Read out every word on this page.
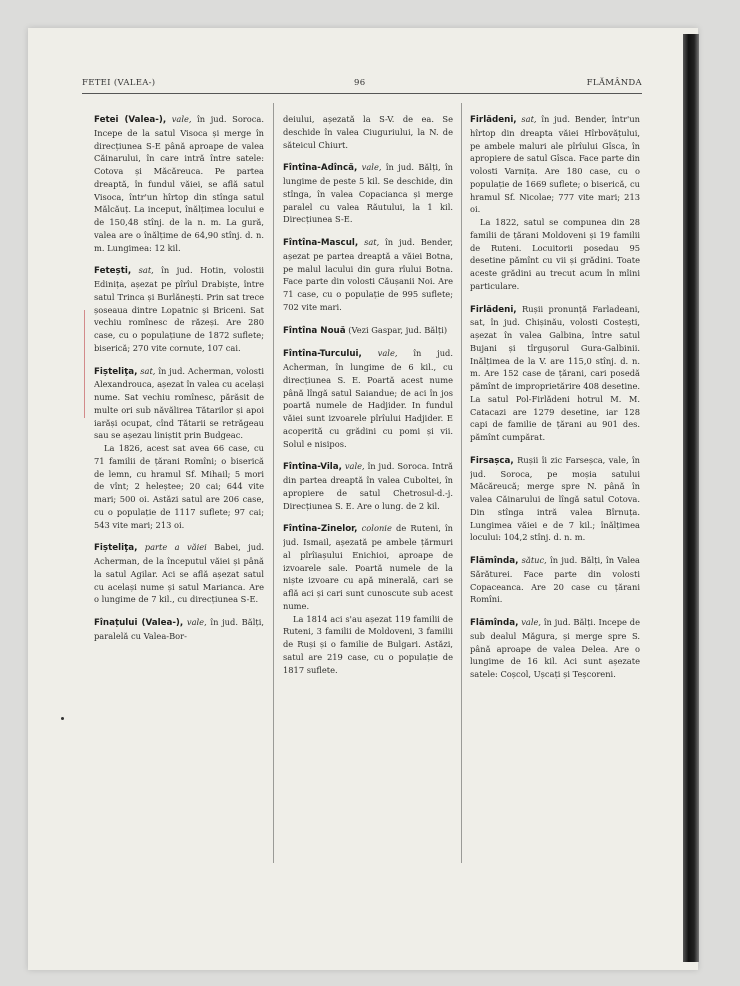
FETEI (VALEA-)	96	FLĂMÂNDA

Fetei (Valea-), vale, în jud. Soroca. Incepe de la satul Visoca și merge în direcțiunea S-E până aproape de valea Căinarului, în care intră între satele: Cotova și Măcăreuca. Pe partea dreaptă, în fundul văiei, se află satul Visoca, într'un hîrtop din stînga satul Mălcăuț. La inceput, înălțimea locului e de 150,48 stînj. de la n. m. La gură, valea are o înălțime de 64,90 stînj. d. n. m. Lungimea: 12 kil.

Fetești, sat, în jud. Hotin, volostii Edinița, așezat pe pîrîul Drabiște, între satul Trinca și Burlănești. Prin sat trece șoseaua dintre Lopatnic și Briceni. Sat vechiu romînesc de răzeși. Are 280 case, cu o populațiune de 1872 suflete; biserică; 270 vite cornute, 107 cai.

Fișteliţa, sat, în jud. Acherman, volosti Alexandrouca, așezat în valea cu același nume. Sat vechiu romînesc, părăsit de multe ori sub năvălirea Tătarilor și apoi iarăși ocupat, cînd Tătarii se retrăgeau sau se așezau liniștit prin Budgeac.

La 1826, acest sat avea 66 case, cu 71 familii de țărani Romîni; o biserică de lemn, cu hramul Sf. Mihail; 5 mori de vînt; 2 heleștee; 20 cai; 644 vite mari; 500 oi. Astăzi satul are 206 case, cu o populație de 1117 suflete; 97 cai; 543 vite mari; 213 oi.

Fișteliţa, parte a văiei Babei, jud. Acherman, de la începutul văiei și până la satul Agilar. Aci se află așezat satul cu același nume și satul Marianca. Are o lungime de 7 kil., cu direcțiunea S-E.

Fînațului (Valea-), vale, în jud. Bălți, paralelă cu Valea-Bor-

deiului, așezată la S-V. de ea. Se deschide în valea Ciuguriului, la N. de săteicul Chiurt.

Fîntîna-Adîncă, vale, în jud. Bălți, în lungime de peste 5 kil. Se deschide, din stînga, în valea Copacianca și merge paralel cu valea Răutului, la 1 kil. Direcțiunea S-E.

Fîntîna-Mascul, sat, în jud. Bender, așezat pe partea dreaptă a văiei Botna, pe malul lacului din gura rîului Botna. Face parte din volosti Căușanii Noi. Are 71 case, cu o populație de 995 suflete; 702 vite mari.

Fîntîna Nouă (Vezi Gaspar, jud. Bălți)

Fîntîna-Turcului, vale, în jud. Acherman, în lungime de 6 kil., cu direcțiunea S. E. Poartă acest nume până lîngă satul Saiandue; de aci în jos poartă numele de Hadjider. In fundul văiei sunt izvoarele pîrîului Hadjider. E acoperită cu grădini cu pomi și vii. Solul e nisipos.

Fîntîna-Vila, vale, în jud. Soroca. Intră din partea dreaptă în valea Cuboltei, în apropiere de satul Chetrosul-d.-j. Direcțiunea S. E. Are o lung. de 2 kil.

Fîntîna-Zinelor, colonie de Ruteni, în jud. Ismail, așezată pe ambele țărmuri al pîrîiașului Enichioi, aproape de izvoarele sale. Poartă numele de la niște izvoare cu apă minerală, cari se află aci și cari sunt cunoscute sub acest nume.

La 1814 aci s'au așezat 119 familii de Ruteni, 3 familii de Moldoveni, 3 familii de Ruși și o familie de Bulgari. Astăzi, satul are 219 case, cu o populație de 1817 suflete.

Firlădeni, sat, în jud. Bender, într'un hîrtop din dreapta văiei Hîrbovățului, pe ambele maluri ale pîrîului Gîsca, în apropiere de satul Gîsca. Face parte din volosti Varnița. Are 180 case, cu o populație de 1669 suflete; o biserică, cu hramul Sf. Nicolae; 777 vite mari; 213 oi.

La 1822, satul se compunea din 28 familii de țărani Moldoveni și 19 familii de Ruteni. Locuitorii posedau 95 desetine pămînt cu vii și grădini. Toate aceste grădini au trecut acum în mîini particulare.

Firlădeni, Rușii pronunță Farladeani, sat, în jud. Chișinău, volosti Costești, așezat în valea Galbina, între satul Bujani și tîrgușorul Gura-Galbinii. Inălțimea de la V. are 115,0 stînj. d. n. m. Are 152 case de țărani, cari posedă pămînt de improprietărire 408 desetine. La satul Pol-Firlădeni hotrul M. M. Catacazi are 1279 desetine, iar 128 capi de familie de țărani au 901 des. pămînt cumpărat.

Firsașca, Rușii îi zic Farseșca, vale, în jud. Soroca, pe moșia satului Măcăreucă; merge spre N. până în valea Căinarului de lîngă satul Cotova. Din stînga intră valea Bîrnuța. Lungimea văiei e de 7 kil.; înălțimea locului: 104,2 stînj. d. n. m.

Flămînda, sătuc, în jud. Bălți, în Valea Sărăturei. Face parte din volosti Copaceanca. Are 20 case cu țărani Romîni.

Flămînda, vale, în jud. Bălți. Incepe de sub dealul Măgura, și merge spre S. până aproape de valea Delea. Are o lungime de 16 kil. Aci sunt așezate satele: Coșcol, Ușcați și Teșcoreni.
